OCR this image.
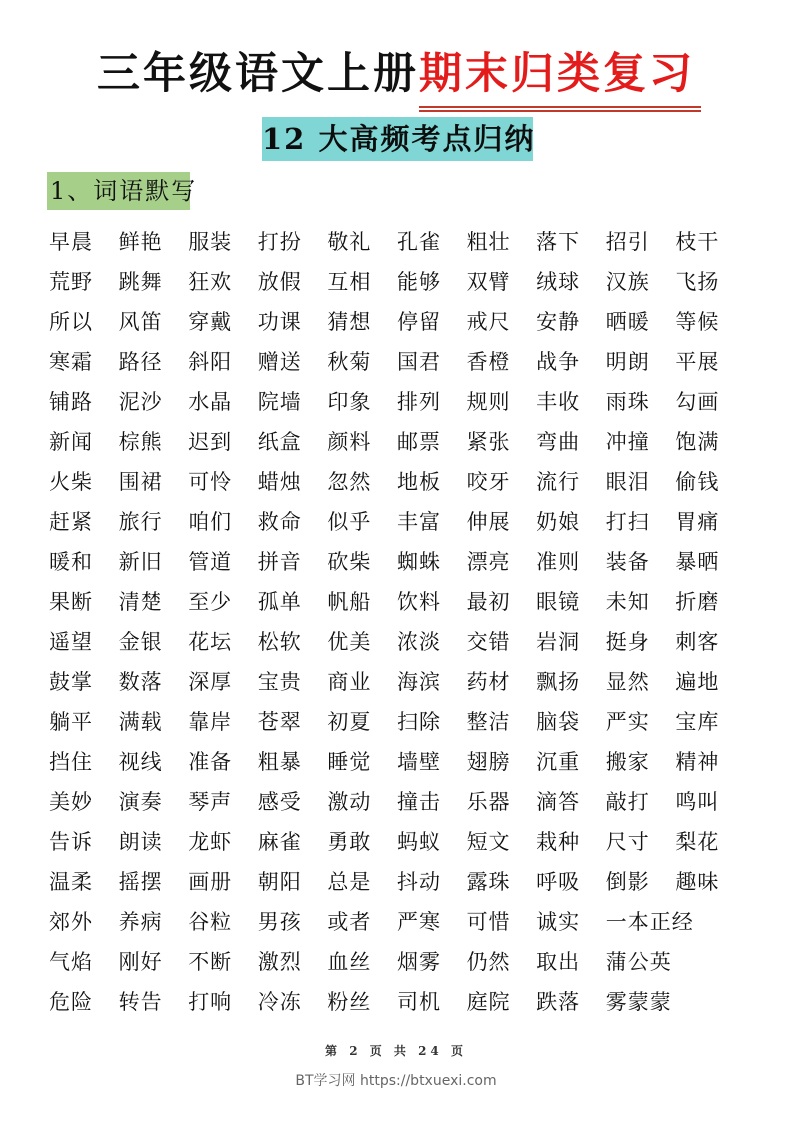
三年级语文上册期末归类复习
12 大高频考点归纳
1、词语默写
早晨	鲜艳	服装	打扮	敬礼	孔雀	粗壮	落下	招引	枝干
荒野	跳舞	狂欢	放假	互相	能够	双臂	绒球	汉族	飞扬
所以	风笛	穿戴	功课	猜想	停留	戒尺	安静	晒暖	等候
寒霜	路径	斜阳	赠送	秋菊	国君	香橙	战争	明朗	平展
铺路	泥沙	水晶	院墙	印象	排列	规则	丰收	雨珠	勾画
新闻	棕熊	迟到	纸盒	颜料	邮票	紧张	弯曲	冲撞	饱满
火柴	围裙	可怜	蜡烛	忽然	地板	咬牙	流行	眼泪	偷钱
赶紧	旅行	咱们	救命	似乎	丰富	伸展	奶娘	打扫	胃痛
暖和	新旧	管道	拼音	砍柴	蜘蛛	漂亮	准则	装备	暴晒
果断	清楚	至少	孤单	帆船	饮料	最初	眼镜	未知	折磨
遥望	金银	花坛	松软	优美	浓淡	交错	岩洞	挺身	刺客
鼓掌	数落	深厚	宝贵	商业	海滨	药材	飘扬	显然	遍地
躺平	满载	靠岸	苍翠	初夏	扫除	整洁	脑袋	严实	宝库
挡住	视线	准备	粗暴	睡觉	墙壁	翅膀	沉重	搬家	精神
美妙	演奏	琴声	感受	激动	撞击	乐器	滴答	敲打	鸣叫
告诉	朗读	龙虾	麻雀	勇敢	蚂蚁	短文	栽种	尺寸	梨花
温柔	摇摆	画册	朝阳	总是	抖动	露珠	呼吸	倒影	趣味
郊外	养病	谷粒	男孩	或者	严寒	可惜	诚实	一本正经
气焰	刚好	不断	激烈	血丝	烟雾	仍然	取出	蒲公英
危险	转告	打响	冷冻	粉丝	司机	庭院	跌落	雾蒙蒙
第 2 页 共 24 页
BT学习网 https://btxuexi.com
